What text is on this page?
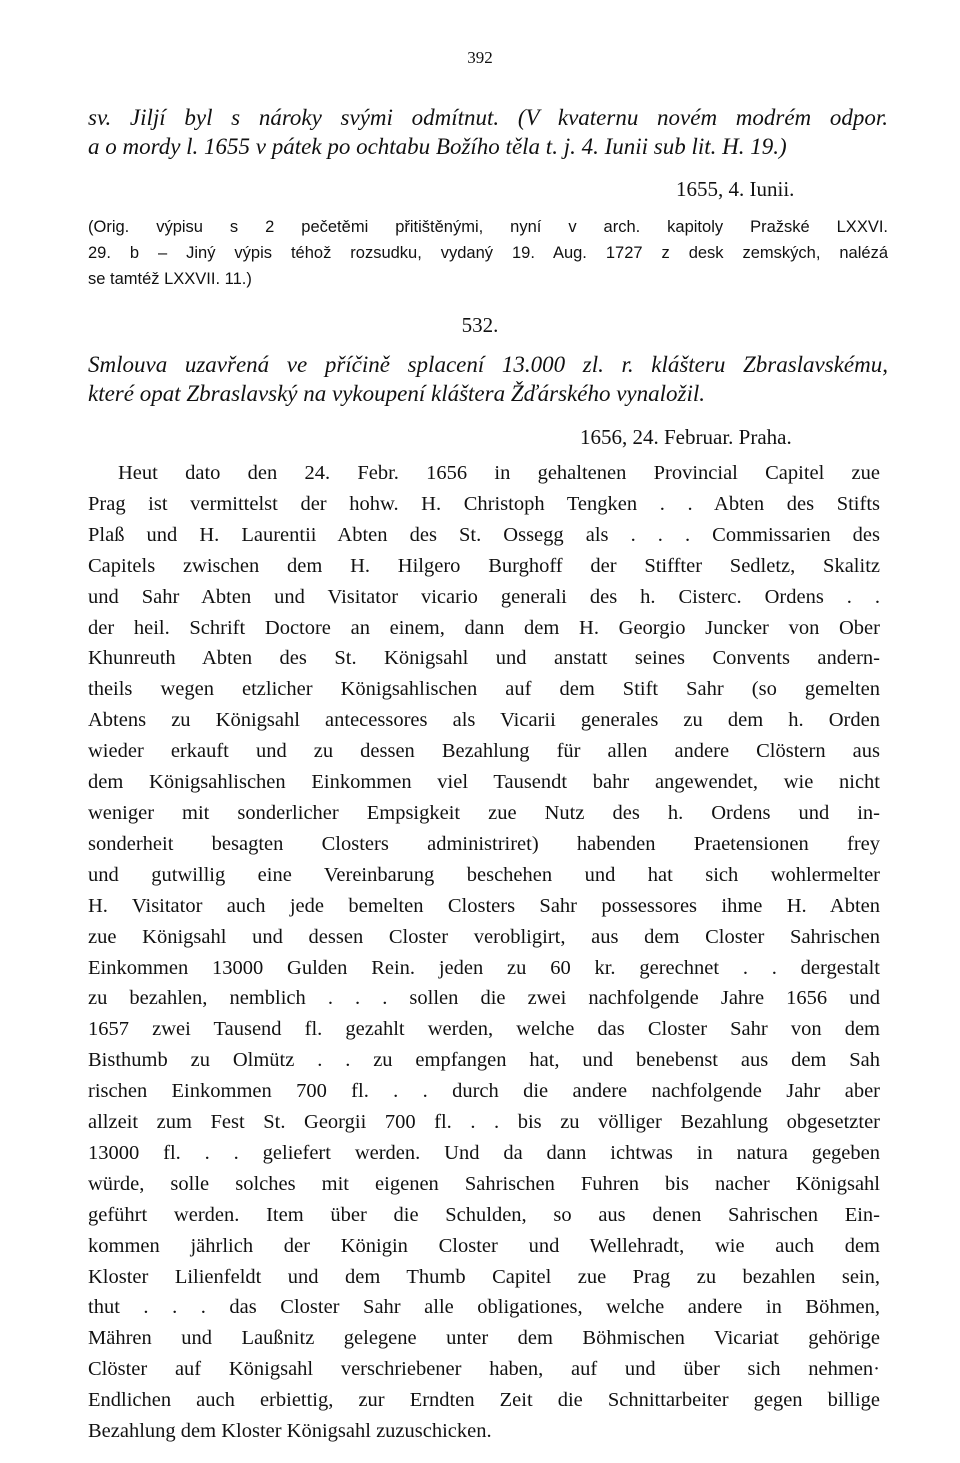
392
sv. Jiljí byl s nároky svými odmítnut. (V kvaternu novém modrém odpor.
a o mordy l. 1655 v pátek po ochtabu Božího těla t. j. 4. Iunii sub lit. H. 19.)
1655, 4. Iunii.
(Orig. výpisu s 2 pečetěmi přitištěnými, nyní v arch. kapitoly Pražské LXXVI.
29. b – Jiný výpis téhož rozsudku, vydaný 19. Aug. 1727 z desk zemských, nalézá
se tamtéž LXXVII. 11.)
532.
Smlouva uzavřená ve příčině splacení 13.000 zl. r. klášteru Zbraslavskému,
které opat Zbraslavský na vykoupení kláštera Žďárského vynaložil.
1656, 24. Februar. Praha.
Heut dato den 24. Febr. 1656 in gehaltenen Provincial Capitel zue
Prag ist vermittelst der hohw. H. Christoph Tengken . . Abten des Stifts
Plaß und H. Laurentii Abten des St. Ossegg als . . . Commissarien des
Capitels zwischen dem H. Hilgero Burghoff der Stiffter Sedletz, Skalitz
und Sahr Abten und Visitator vicario generali des h. Cisterc. Ordens . .
der heil. Schrift Doctore an einem, dann dem H. Georgio Juncker von Ober
Khunreuth Abten des St. Königsahl und anstatt seines Convents andern-
theils wegen etzlicher Königsahlischen auf dem Stift Sahr (so gemelten
Abtens zu Königsahl antecessores als Vicarii generales zu dem h. Orden
wieder erkauft und zu dessen Bezahlung für allen andere Clöstern aus
dem Königsahlischen Einkommen viel Tausendt bahr angewendet, wie nicht
weniger mit sonderlicher Empsigkeit zue Nutz des h. Ordens und in-
sonderheit besagten Closters administriret) habenden Praetensionen frey
und gutwillig eine Vereinbarung beschehen und hat sich wohlermelter
H. Visitator auch jede bemelten Closters Sahr possessores ihme H. Abten
zue Königsahl und dessen Closter verobligirt, aus dem Closter Sahrischen
Einkommen 13000 Gulden Rein. jeden zu 60 kr. gerechnet . . dergestalt
zu bezahlen, nemblich . . . sollen die zwei nachfolgende Jahre 1656 und
1657 zwei Tausend fl. gezahlt werden, welche das Closter Sahr von dem
Bisthumb zu Olmütz . . zu empfangen hat, und benebenst aus dem Sah
rischen Einkommen 700 fl. . . durch die andere nachfolgende Jahr aber
allzeit zum Fest St. Georgii 700 fl. . . bis zu völliger Bezahlung obgesetzter
13000 fl. . . geliefert werden. Und da dann ichtwas in natura gegeben
würde, solle solches mit eigenen Sahrischen Fuhren bis nacher Königsahl
geführt werden. Item über die Schulden, so aus denen Sahrischen Ein-
kommen jährlich der Königin Closter und Wellehradt, wie auch dem
Kloster Lilienfeldt und dem Thumb Capitel zue Prag zu bezahlen sein,
thut . . . das Closter Sahr alle obligationes, welche andere in Böhmen,
Mähren und Laußnitz gelegene unter dem Böhmischen Vicariat gehörige
Clöster auf Königsahl verschriebener haben, auf und über sich nehmen·
Endlichen auch erbiettig, zur Erndten Zeit die Schnittarbeiter gegen billige
Bezahlung dem Kloster Königsahl zuzuschicken.
